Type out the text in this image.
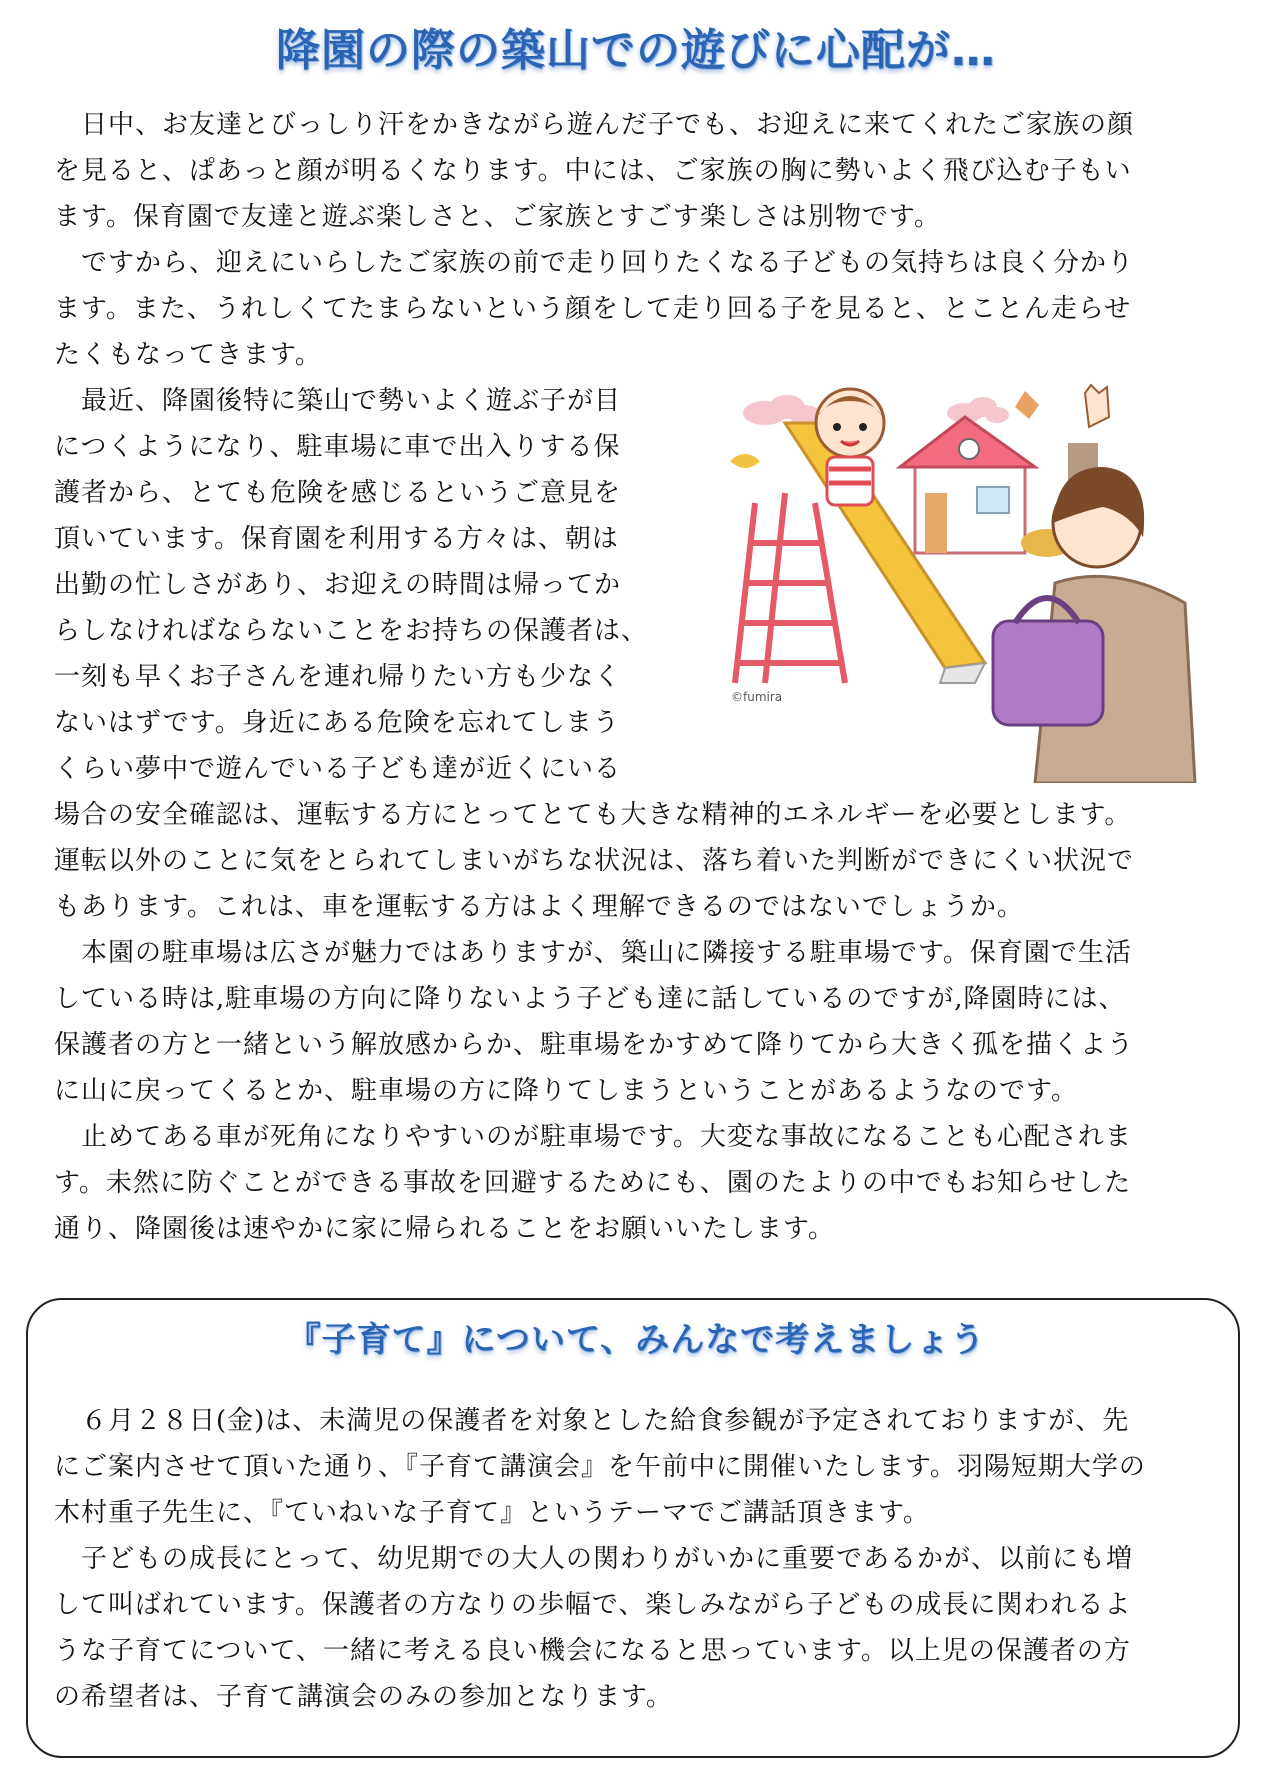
降園の際の築山での遊びに心配が…

　日中、お友達とびっしり汗をかきながら遊んだ子でも、お迎えに来てくれたご家族の顔
を見ると、ぱあっと顔が明るくなります。中には、ご家族の胸に勢いよく飛び込む子もい
ます。保育園で友達と遊ぶ楽しさと、ご家族とすごす楽しさは別物です。

　ですから、迎えにいらしたご家族の前で走り回りたくなる子どもの気持ちは良く分かり
ます。また、うれしくてたまらないという顔をして走り回る子を見ると、とことん走らせ
たくもなってきます。

　最近、降園後特に築山で勢いよく遊ぶ子が目
につくようになり、駐車場に車で出入りする保
護者から、とても危険を感じるというご意見を
頂いています。保育園を利用する方々は、朝は
出勤の忙しさがあり、お迎えの時間は帰ってか
らしなければならないことをお持ちの保護者は、
一刻も早くお子さんを連れ帰りたい方も少なく
ないはずです。身近にある危険を忘れてしまう
くらい夢中で遊んでいる子ども達が近くにいる

場合の安全確認は、運転する方にとってとても大きな精神的エネルギーを必要とします。
運転以外のことに気をとられてしまいがちな状況は、落ち着いた判断ができにくい状況で
もあります。これは、車を運転する方はよく理解できるのではないでしょうか。

　本園の駐車場は広さが魅力ではありますが、築山に隣接する駐車場です。保育園で生活
している時は,駐車場の方向に降りないよう子ども達に話しているのですが,降園時には、
保護者の方と一緒という解放感からか、駐車場をかすめて降りてから大きく孤を描くよう
に山に戻ってくるとか、駐車場の方に降りてしまうということがあるようなのです。

　止めてある車が死角になりやすいのが駐車場です。大変な事故になることも心配されま
す。未然に防ぐことができる事故を回避するためにも、園のたよりの中でもお知らせした
通り、降園後は速やかに家に帰られることをお願いいたします。

©fumira
『子育て』について、みんなで考えましょう

　６月２８日(金)は、未満児の保護者を対象とした給食参観が予定されておりますが、先
にご案内させて頂いた通り、『子育て講演会』を午前中に開催いたします。羽陽短期大学の
木村重子先生に、『ていねいな子育て』というテーマでご講話頂きます。

　子どもの成長にとって、幼児期での大人の関わりがいかに重要であるかが、以前にも増
して叫ばれています。保護者の方なりの歩幅で、楽しみながら子どもの成長に関われるよ
うな子育てについて、一緒に考える良い機会になると思っています。以上児の保護者の方
の希望者は、子育て講演会のみの参加となります。
